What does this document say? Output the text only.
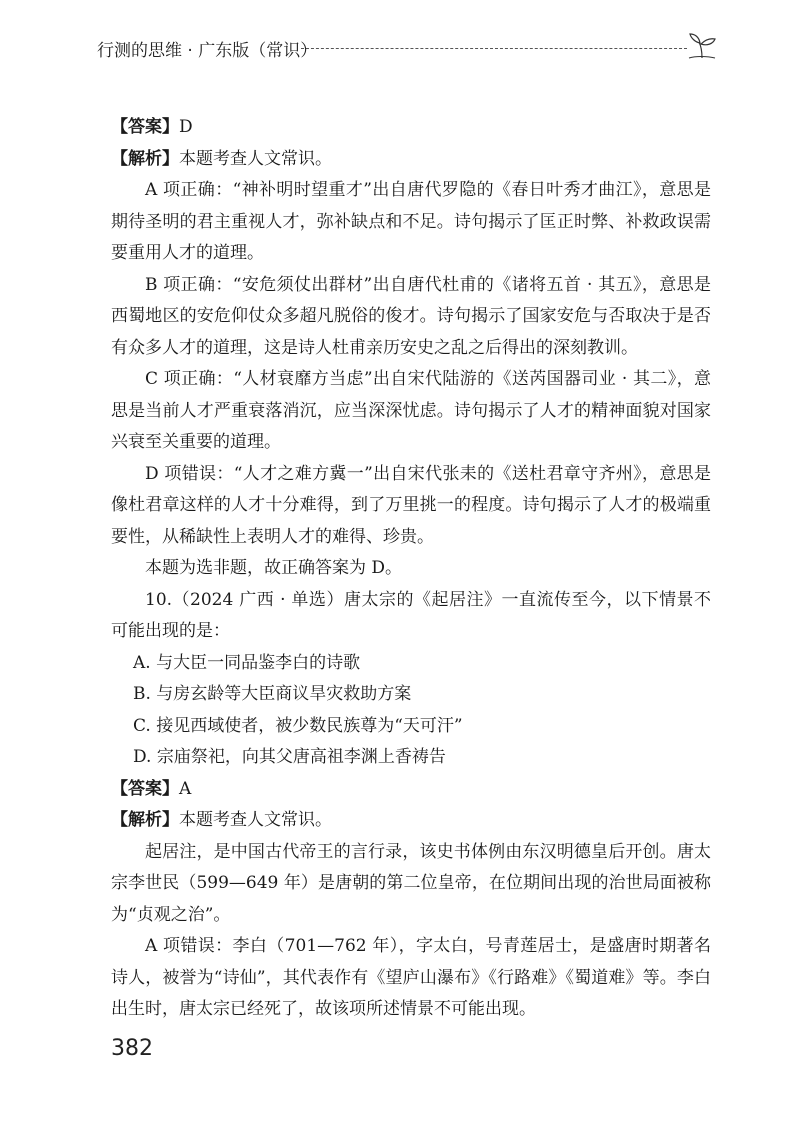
行测的思维 · 广东版（常识）

【答案】D

【解析】本题考查人文常识。

A 项正确：“神补明时望重才”出自唐代罗隐的《春日叶秀才曲江》，意思是期待圣明的君主重视人才，弥补缺点和不足。诗句揭示了匡正时弊、补救政误需要重用人才的道理。

B 项正确：“安危须仗出群材”出自唐代杜甫的《诸将五首 · 其五》，意思是西蜀地区的安危仰仗众多超凡脱俗的俊才。诗句揭示了国家安危与否取决于是否有众多人才的道理，这是诗人杜甫亲历安史之乱之后得出的深刻教训。

C 项正确：“人材衰靡方当虑”出自宋代陆游的《送芮国器司业 · 其二》，意思是当前人才严重衰落消沉，应当深深忧虑。诗句揭示了人才的精神面貌对国家兴衰至关重要的道理。

D 项错误：“人才之难方冀一”出自宋代张耒的《送杜君章守齐州》，意思是像杜君章这样的人才十分难得，到了万里挑一的程度。诗句揭示了人才的极端重要性，从稀缺性上表明人才的难得、珍贵。

本题为选非题，故正确答案为 D。

10.（2024 广西 · 单选）唐太宗的《起居注》一直流传至今，以下情景不可能出现的是：

A. 与大臣一同品鉴李白的诗歌

B. 与房玄龄等大臣商议旱灾救助方案

C. 接见西域使者，被少数民族尊为“天可汗”

D. 宗庙祭祀，向其父唐高祖李渊上香祷告

【答案】A

【解析】本题考查人文常识。

起居注，是中国古代帝王的言行录，该史书体例由东汉明德皇后开创。唐太宗李世民（599—649 年）是唐朝的第二位皇帝，在位期间出现的治世局面被称为“贞观之治”。

A 项错误：李白（701—762 年），字太白，号青莲居士，是盛唐时期著名诗人，被誉为“诗仙”，其代表作有《望庐山瀑布》《行路难》《蜀道难》等。李白出生时，唐太宗已经死了，故该项所述情景不可能出现。

382
